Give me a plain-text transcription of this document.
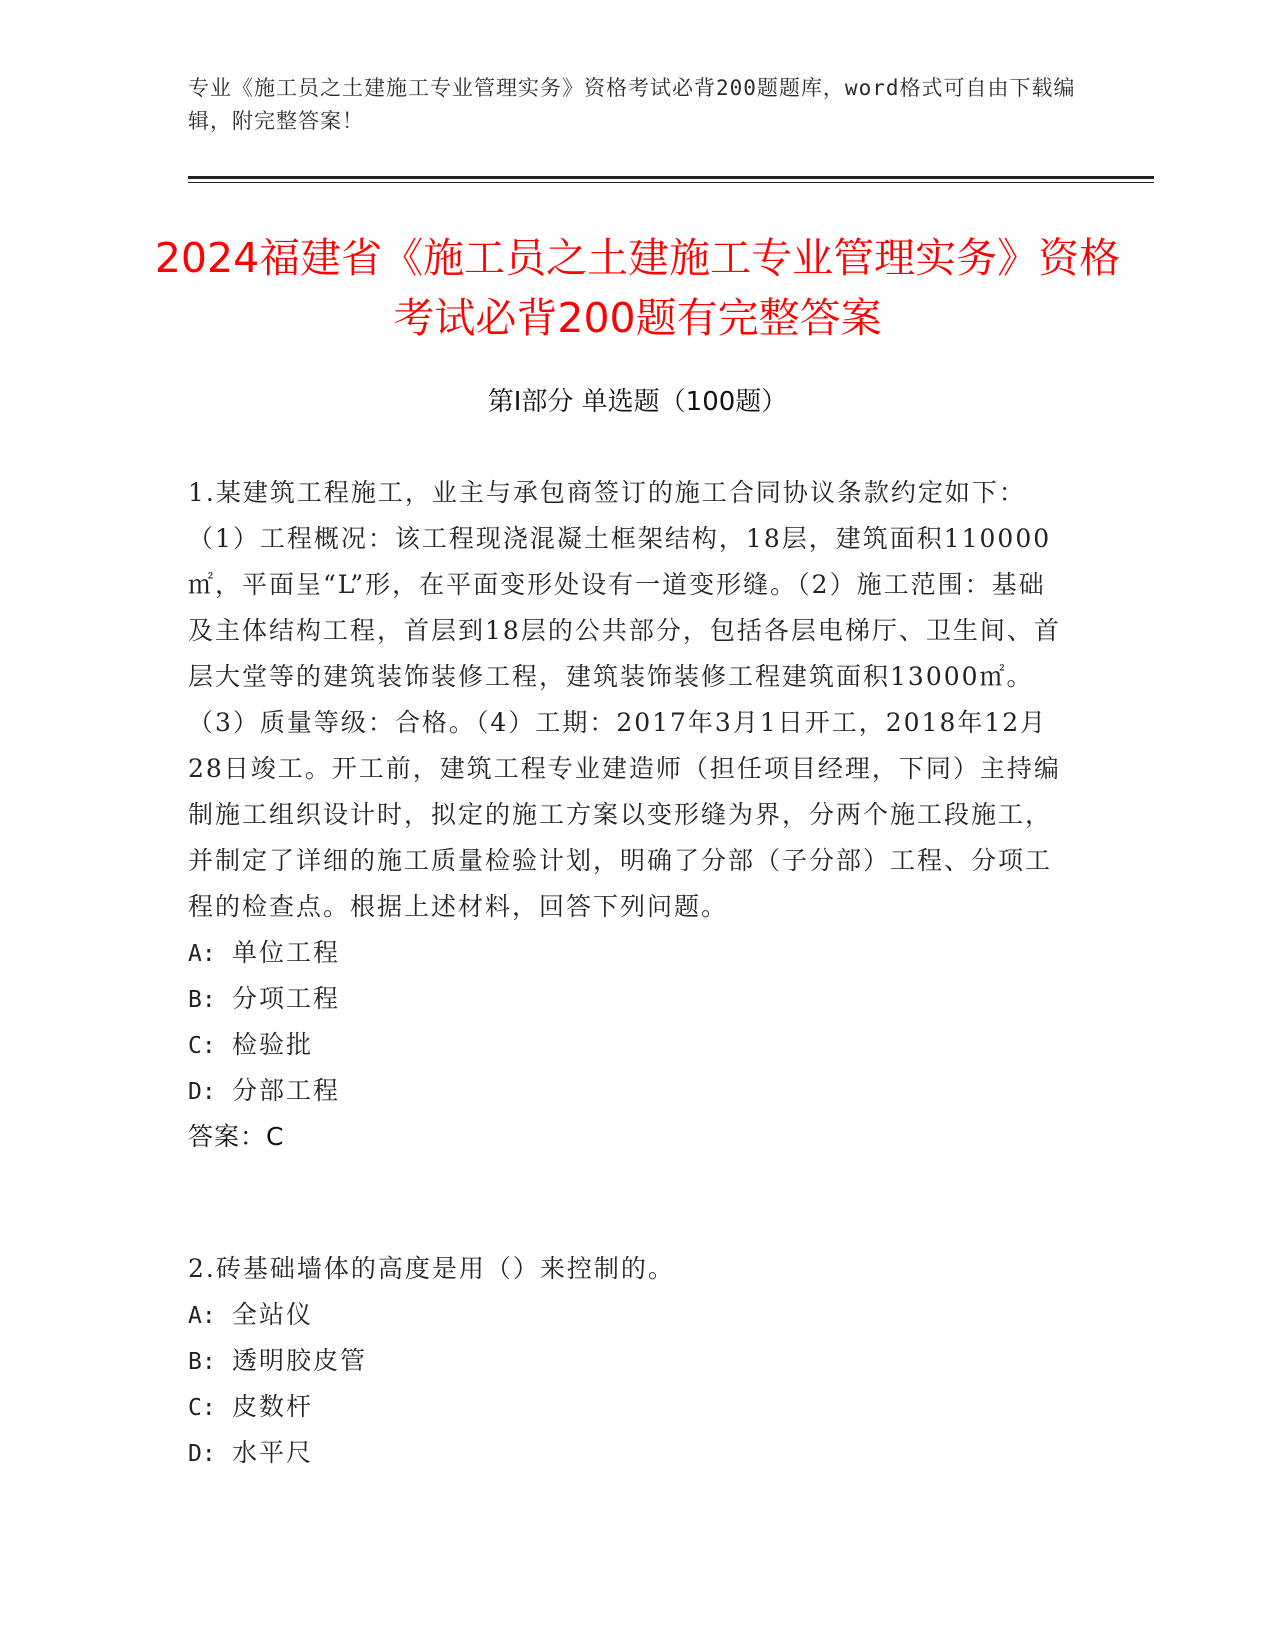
专业《施工员之土建施工专业管理实务》资格考试必背200题题库，word格式可自由下载编辑，附完整答案！
2024福建省《施工员之土建施工专业管理实务》资格考试必背200题有完整答案
第Ⅰ部分 单选题（100题）

1.某建筑工程施工，业主与承包商签订的施工合同协议条款约定如下：（1）工程概况：该工程现浇混凝土框架结构，18层，建筑面积110000㎡，平面呈“L”形，在平面变形处设有一道变形缝。（2）施工范围：基础及主体结构工程，首层到18层的公共部分，包括各层电梯厅、卫生间、首层大堂等的建筑装饰装修工程，建筑装饰装修工程建筑面积13000㎡。（3）质量等级：合格。（4）工期：2017年3月1日开工，2018年12月28日竣工。开工前，建筑工程专业建造师（担任项目经理，下同）主持编制施工组织设计时，拟定的施工方案以变形缝为界，分两个施工段施工，并制定了详细的施工质量检验计划，明确了分部（子分部）工程、分项工程的检查点。根据上述材料，回答下列问题。

A: 单位工程

B: 分项工程

C: 检验批

D: 分部工程

答案：C

2.砖基础墙体的高度是用（）来控制的。

A: 全站仪

B: 透明胶皮管

C: 皮数杆

D: 水平尺
